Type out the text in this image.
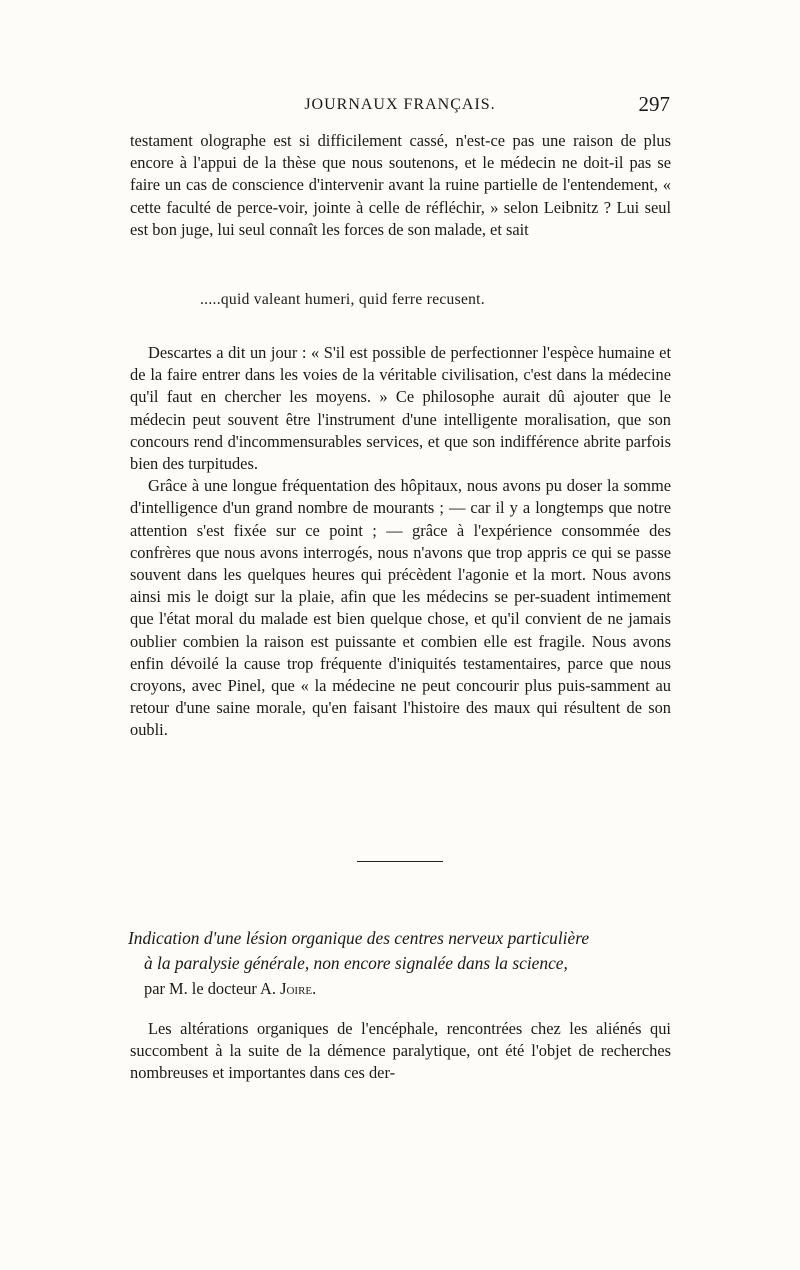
JOURNAUX FRANÇAIS.	297

testament olographe est si difficilement cassé, n'est-ce pas une raison de plus encore à l'appui de la thèse que nous soutenons, et le médecin ne doit-il pas se faire un cas de conscience d'intervenir avant la ruine partielle de l'entendement, « cette faculté de perce-voir, jointe à celle de réfléchir, » selon Leibnitz ? Lui seul est bon juge, lui seul connaît les forces de son malade, et sait

.....quid valeant humeri, quid ferre recusent.

Descartes a dit un jour : « S'il est possible de perfectionner l'espèce humaine et de la faire entrer dans les voies de la véritable civilisation, c'est dans la médecine qu'il faut en chercher les moyens. » Ce philosophe aurait dû ajouter que le médecin peut souvent être l'instrument d'une intelligente moralisation, que son concours rend d'incommensurables services, et que son indifférence abrite parfois bien des turpitudes.

Grâce à une longue fréquentation des hôpitaux, nous avons pu doser la somme d'intelligence d'un grand nombre de mourants ; — car il y a longtemps que notre attention s'est fixée sur ce point ; — grâce à l'expérience consommée des confrères que nous avons interrogés, nous n'avons que trop appris ce qui se passe souvent dans les quelques heures qui précèdent l'agonie et la mort. Nous avons ainsi mis le doigt sur la plaie, afin que les médecins se per-suadent intimement que l'état moral du malade est bien quelque chose, et qu'il convient de ne jamais oublier combien la raison est puissante et combien elle est fragile. Nous avons enfin dévoilé la cause trop fréquente d'iniquités testamentaires, parce que nous croyons, avec Pinel, que « la médecine ne peut concourir plus puis-samment au retour d'une saine morale, qu'en faisant l'histoire des maux qui résultent de son oubli.

Indication d'une lésion organique des centres nerveux particulière
à la paralysie générale, non encore signalée dans la science,
par M. le docteur A. Joire.

Les altérations organiques de l'encéphale, rencontrées chez les aliénés qui succombent à la suite de la démence paralytique, ont été l'objet de recherches nombreuses et importantes dans ces der-
